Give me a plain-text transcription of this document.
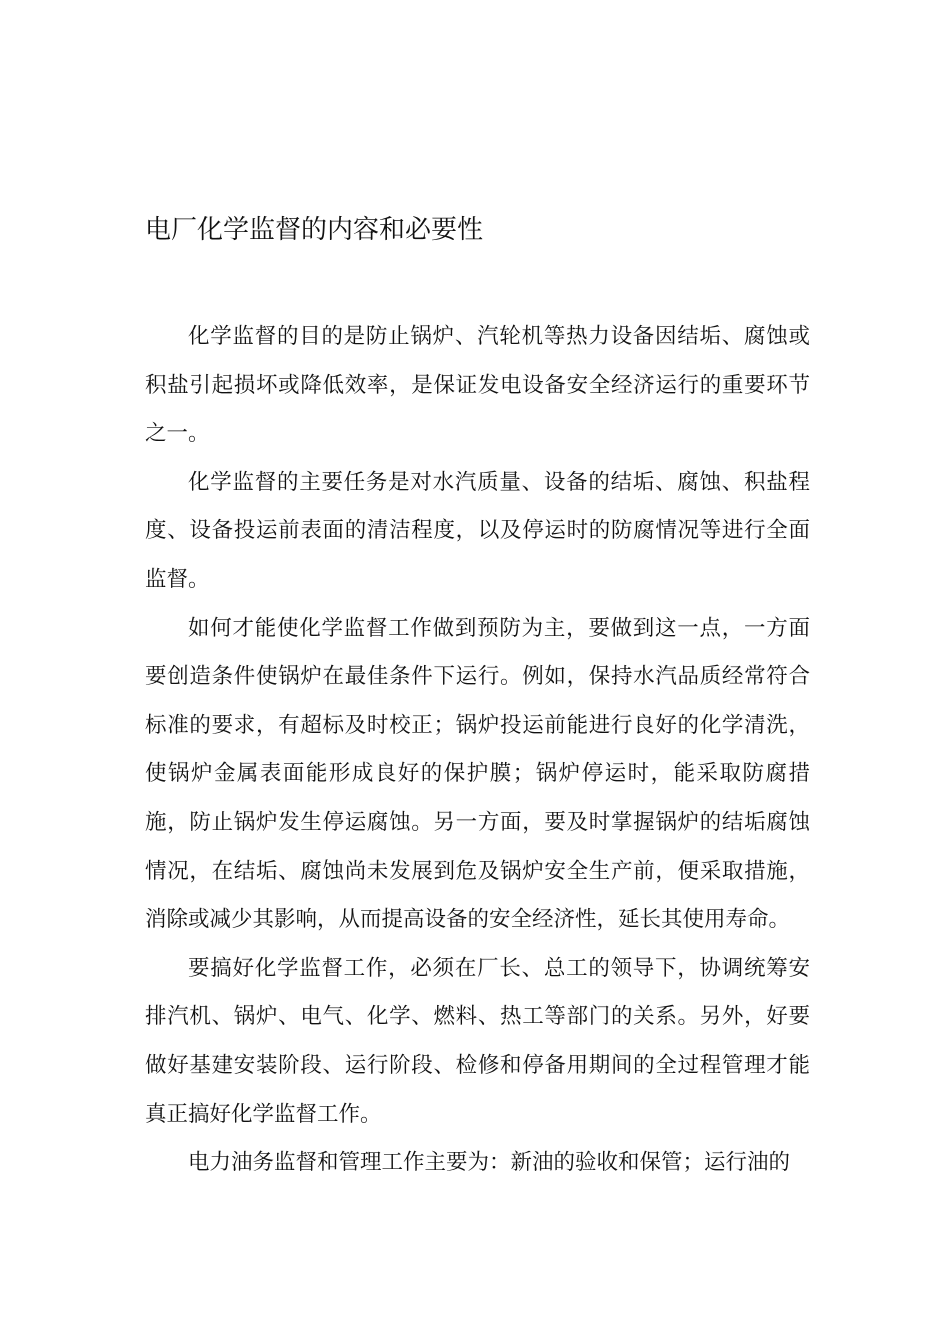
电厂化学监督的内容和必要性

化学监督的目的是防止锅炉、汽轮机等热力设备因结垢、腐蚀或积盐引起损坏或降低效率，是保证发电设备安全经济运行的重要环节之一。

化学监督的主要任务是对水汽质量、设备的结垢、腐蚀、积盐程度、设备投运前表面的清洁程度，以及停运时的防腐情况等进行全面监督。

如何才能使化学监督工作做到预防为主，要做到这一点，一方面要创造条件使锅炉在最佳条件下运行。例如，保持水汽品质经常符合标准的要求，有超标及时校正；锅炉投运前能进行良好的化学清洗，使锅炉金属表面能形成良好的保护膜；锅炉停运时，能采取防腐措施，防止锅炉发生停运腐蚀。另一方面，要及时掌握锅炉的结垢腐蚀情况，在结垢、腐蚀尚未发展到危及锅炉安全生产前，便采取措施，消除或减少其影响，从而提高设备的安全经济性，延长其使用寿命。

要搞好化学监督工作，必须在厂长、总工的领导下，协调统筹安排汽机、锅炉、电气、化学、燃料、热工等部门的关系。另外，好要做好基建安装阶段、运行阶段、检修和停备用期间的全过程管理才能真正搞好化学监督工作。

电力油务监督和管理工作主要为：新油的验收和保管；运行油的
